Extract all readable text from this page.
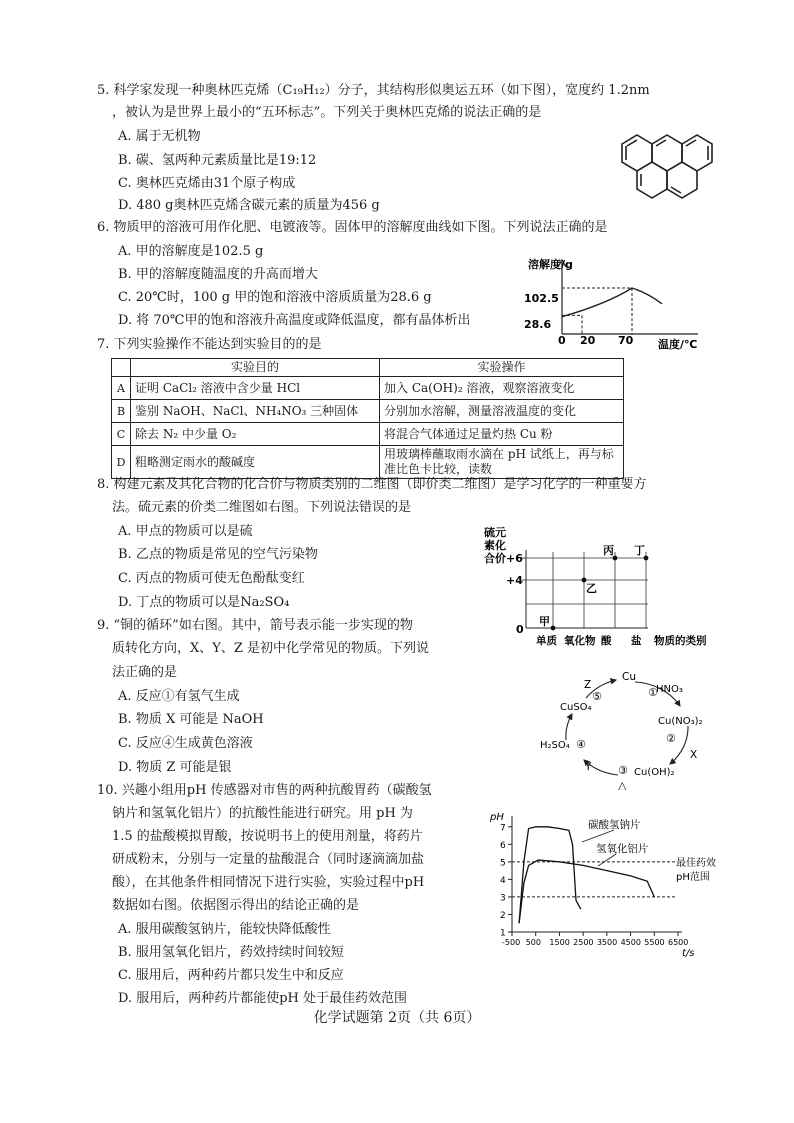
5. 科学家发现一种奥林匹克烯（C₁₉H₁₂）分子，其结构形似奥运五环（如下图），宽度约 1.2nm
，被认为是世界上最小的“五环标志”。下列关于奥林匹克烯的说法正确的是
A. 属于无机物
B. 碳、氢两种元素质量比是19:12
C. 奥林匹克烯由31个原子构成
D. 480 g奥林匹克烯含碳元素的质量为456 g
6. 物质甲的溶液可用作化肥、电镀液等。固体甲的溶解度曲线如下图。下列说法正确的是
A. 甲的溶解度是102.5 g
B. 甲的溶解度随温度的升高而增大
C. 20℃时，100 g 甲的饱和溶液中溶质质量为28.6 g
D. 将 70℃甲的饱和溶液升高温度或降低温度，都有晶体析出
溶解度/g
温度/℃
102.5
28.6
0 20 70
7. 下列实验操作不能达到实验目的的是
	实验目的	实验操作
A	证明 CaCl₂ 溶液中含少量 HCl	加入 Ca(OH)₂ 溶液，观察溶液变化
B	鉴别 NaOH、NaCl、NH₄NO₃ 三种固体	分别加水溶解，测量溶液温度的变化
C	除去 N₂ 中少量 O₂	将混合气体通过足量灼热 Cu 粉
D	粗略测定雨水的酸碱度	用玻璃棒蘸取雨水滴在 pH 试纸上，再与标准比色卡比较，读数
8. 构建元素及其化合物的化合价与物质类别的二维图（即价类二维图）是学习化学的一种重要方
法。硫元素的价类二维图如右图。下列说法错误的是
A. 甲点的物质可以是硫
B. 乙点的物质是常见的空气污染物
C. 丙点的物质可使无色酚酞变红
D. 丁点的物质可以是Na₂SO₄
硫元
素化
合价 +6
+4
0
单质 氧化物 酸 盐 物质的类别
甲
乙
丙 丁
9. “铜的循环”如右图。其中，箭号表示能一步实现的物
质转化方向，X、Y、Z 是初中化学常见的物质。下列说
法正确的是
A. 反应①有氢气生成
B. 物质 X 可能是 NaOH
C. 反应④生成黄色溶液
D. 物质 Z 可能是银
Cu
HNO₃
Cu(NO₃)₂
X
Cu(OH)₂
△
Y
H₂SO₄
CuSO₄
Z
①
②
③
④
⑤
10. 兴趣小组用pH 传感器对市售的两种抗酸胃药（碳酸氢
钠片和氢氧化铝片）的抗酸性能进行研究。用 pH 为
1.5 的盐酸模拟胃酸，按说明书上的使用剂量，将药片
研成粉末，分别与一定量的盐酸混合（同时逐滴滴加盐
酸），在其他条件相同情况下进行实验，实验过程中pH
数据如右图。依据图示得出的结论正确的是
A. 服用碳酸氢钠片，能较快降低酸性
B. 服用氢氧化铝片，药效持续时间较短
C. 服用后，两种药片都只发生中和反应
D. 服用后，两种药片都能使pH 处于最佳药效范围
pH
t/s
最佳药效
pH范围
碳酸氢钠片
氢氧化铝片
1
2
3
4
5
6
7
-500 500 1500 2500 3500 4500 5500 6500
化学试题第 2页（共 6页）
